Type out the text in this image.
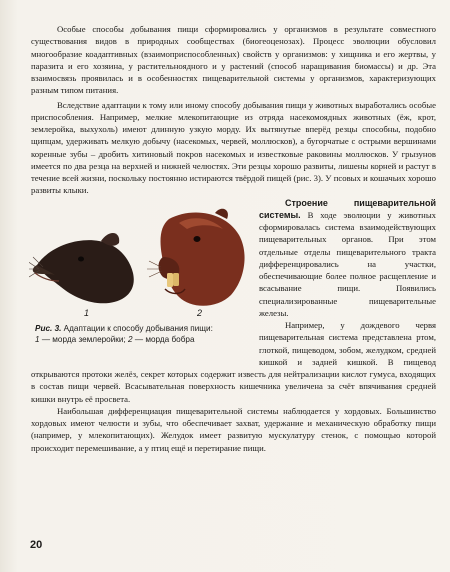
Особые способы добывания пищи сформировались у организмов в результате совместного существования видов в природных сообществах (биогеоценозах). Процесс эволюции обусловил многообразие коадаптивных (взаимоприспособленных) свойств у организмов: у хищника и его жертвы, у паразита и его хозяина, у растительноядного и у растений (способ наращивания биомассы) и др. Эта взаимосвязь проявилась и в особенностях пищеварительной системы у организмов, характеризующих разным типом питания.

Вследствие адаптации к тому или иному способу добывания пищи у животных выработались особые приспособления. Например, мелкие млекопитающие из отряда насекомоядных животных (ёж, крот, землеройка, выхухоль) имеют длинную узкую морду. Их вытянутые вперёд резцы способны, подобно щипцам, удерживать мелкую добычу (насекомых, червей, моллюсков), а бугорчатые с острыми вершинами коренные зубы – дробить хитиновый покров насекомых и известковые раковины моллюсков. У грызунов имеется по два резца на верхней и нижней челюстях. Эти резцы хорошо развиты, лишены корней и растут в течение всей жизни, поскольку постоянно истираются твёрдой пищей (рис. 3). У псовых и кошачьих хорошо развиты клыки.

1	2
Рис. 3. Адаптации к способу добывания пищи:
1 — морда землеройки; 2 — морда бобра

Строение пищеварительной системы. В ходе эволюции у животных сформировалась система взаимодействующих пищеварительных органов. При этом отдельные отделы пищеварительного тракта дифференцировались на участки, обеспечивающие более полное расщепление и всасывание пищи. Появились специализированные пищеварительные железы.

Например, у дождевого червя пищеварительная система представлена ртом, глоткой, пищеводом, зобом, желудком, средней кишкой и задней кишкой. В пищевод открываются протоки желёз, секрет которых содержит известь для нейтрализации кислот гумуса, входящих в состав пищи червей. Всасывательная поверхность кишечника увеличена за счёт впячивания средней кишки внутрь её просвета.

Наибольшая дифференциация пищеварительной системы наблюдается у хордовых. Большинство хордовых имеют челюсти и зубы, что обеспечивает захват, удержание и механическую обработку пищи (например, у млекопитающих). Желудок имеет развитую мускулатуру стенок, с помощью которой происходит перемешивание, а у птиц ещё и перетирание пищи.

20
